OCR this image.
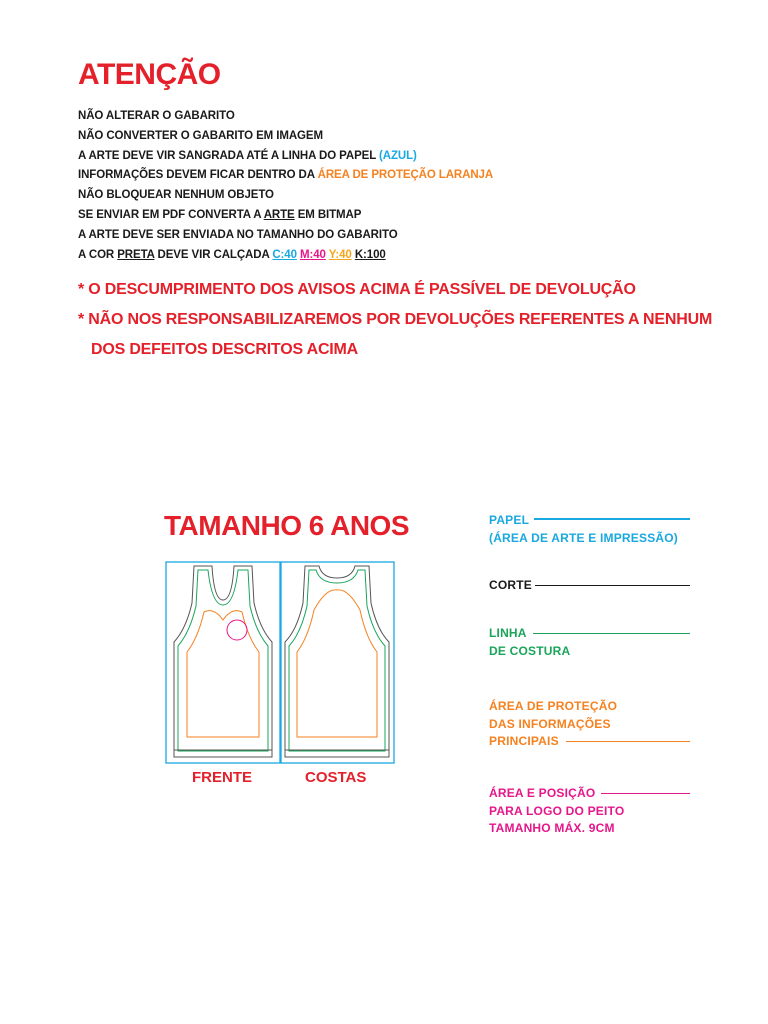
ATENÇÃO
NÃO ALTERAR O GABARITO
NÃO CONVERTER O GABARITO EM IMAGEM
A ARTE DEVE VIR SANGRADA ATÉ A LINHA DO PAPEL (AZUL)
INFORMAÇÕES DEVEM FICAR DENTRO DA ÁREA DE PROTEÇÃO LARANJA
NÃO BLOQUEAR NENHUM OBJETO
SE ENVIAR EM PDF CONVERTA A ARTE EM BITMAP
A ARTE DEVE SER ENVIADA NO TAMANHO DO GABARITO
A COR PRETA DEVE VIR CALÇADA C:40 M:40 Y:40 K:100
* O DESCUMPRIMENTO DOS AVISOS ACIMA É PASSÍVEL DE DEVOLUÇÃO
* NÃO NOS RESPONSABILIZAREMOS POR DEVOLUÇÕES REFERENTES A NENHUM
DOS DEFEITOS DESCRITOS ACIMA
TAMANHO 6 ANOS
FRENTE	COSTAS
PAPEL
(ÁREA DE ARTE E IMPRESSÃO)
CORTE
LINHA
DE COSTURA
ÁREA DE PROTEÇÃO
DAS INFORMAÇÕES
PRINCIPAIS
ÁREA E POSIÇÃO
PARA LOGO DO PEITO
TAMANHO MÁX. 9CM
